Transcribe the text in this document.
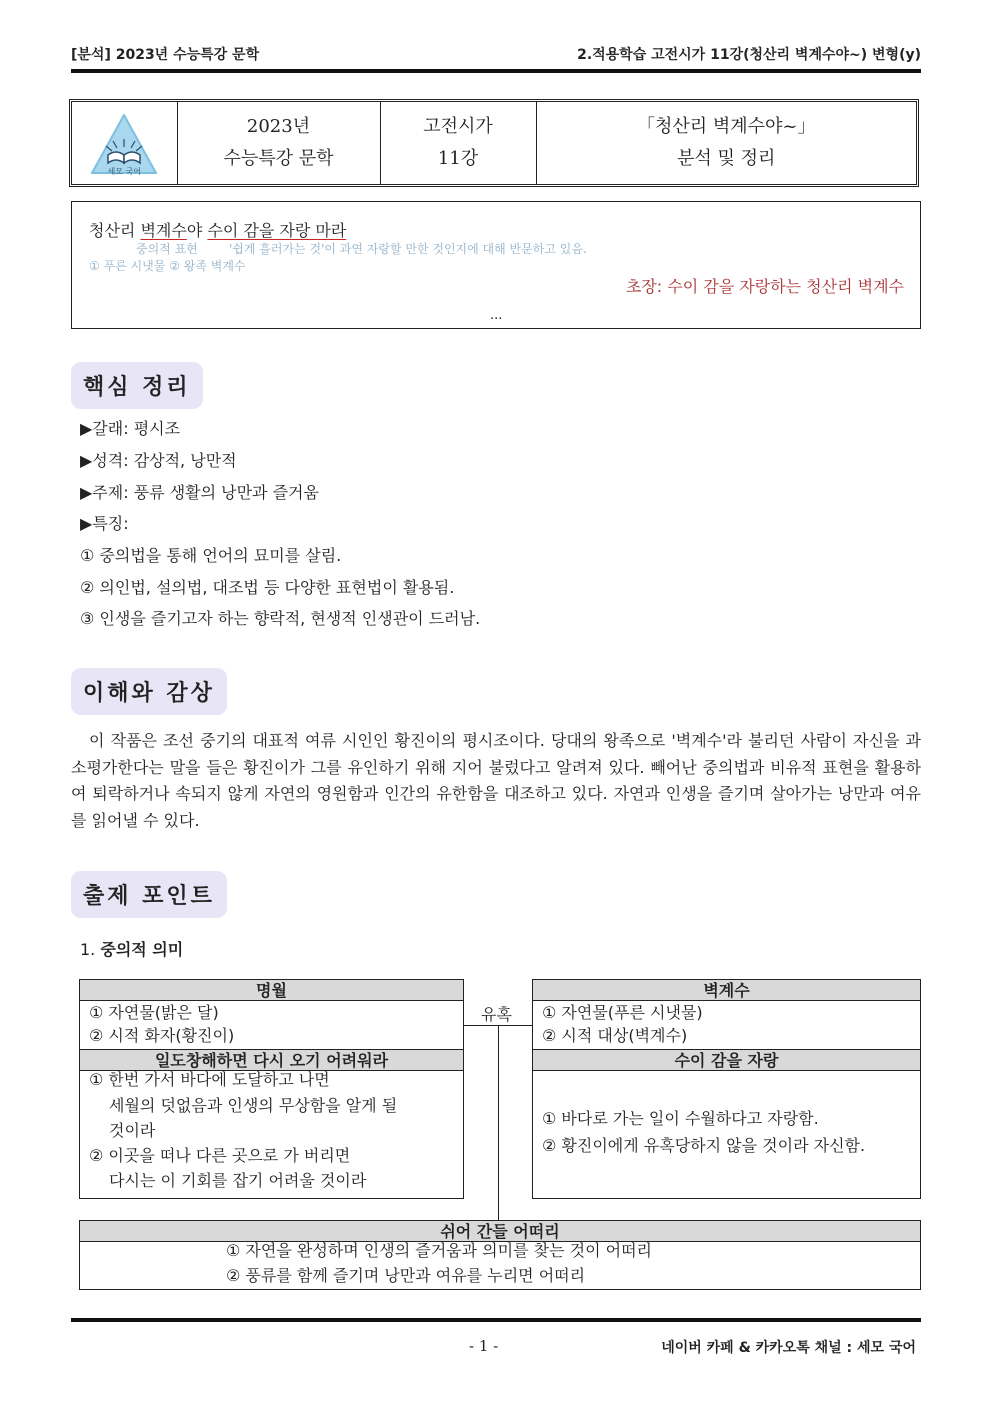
[분석] 2023년 수능특강 문학	2.적용학습 고전시가 11강(청산리 벽계수야~) 변형(y)
세모 국어

2023년
수능특강 문학

고전시가
11강

「청산리 벽계수야~」
분석 및 정리
청산리 벽계수야 수이 감을 자랑 마라
중의적 표현	'쉽게 흘러가는 것'이 과연 자랑할 만한 것인지에 대해 반문하고 있음.
① 푸른 시냇물 ② 왕족 벽계수
초장: 수이 감을 자랑하는 청산리 벽계수
...
핵심 정리
▶갈래: 평시조
▶성격: 감상적, 낭만적
▶주제: 풍류 생활의 낭만과 즐거움
▶특징:
① 중의법을 통해 언어의 묘미를 살림.
② 의인법, 설의법, 대조법 등 다양한 표현법이 활용됨.
③ 인생을 즐기고자 하는 향락적, 현생적 인생관이 드러남.
이해와 감상
이 작품은 조선 중기의 대표적 여류 시인인 황진이의 평시조이다. 당대의 왕족으로 '벽계수'라 불리던 사람이 자신을 과소평가한다는 말을 들은 황진이가 그를 유인하기 위해 지어 불렀다고 알려져 있다. 빼어난 중의법과 비유적 표현을 활용하여 퇴락하거나 속되지 않게 자연의 영원함과 인간의 유한함을 대조하고 있다. 자연과 인생을 즐기며 살아가는 낭만과 여유를 읽어낼 수 있다.
출제 포인트
1. 중의적 의미
유혹
명월
① 자연물(밝은 달)
② 시적 화자(황진이)
벽계수
① 자연물(푸른 시냇물)
② 시적 대상(벽계수)
일도창해하면 다시 오기 어려워라
① 한번 가서 바다에 도달하고 나면
세월의 덧없음과 인생의 무상함을 알게 될
것이라
② 이곳을 떠나 다른 곳으로 가 버리면
다시는 이 기회를 잡기 어려울 것이라
수이 감을 자랑
① 바다로 가는 일이 수월하다고 자랑함.
② 황진이에게 유혹당하지 않을 것이라 자신함.
쉬어 간들 어떠리
① 자연을 완성하며 인생의 즐거움과 의미를 찾는 것이 어떠리
② 풍류를 함께 즐기며 낭만과 여유를 누리면 어떠리
- 1 -	네이버 카페 & 카카오톡 채널 : 세모 국어
